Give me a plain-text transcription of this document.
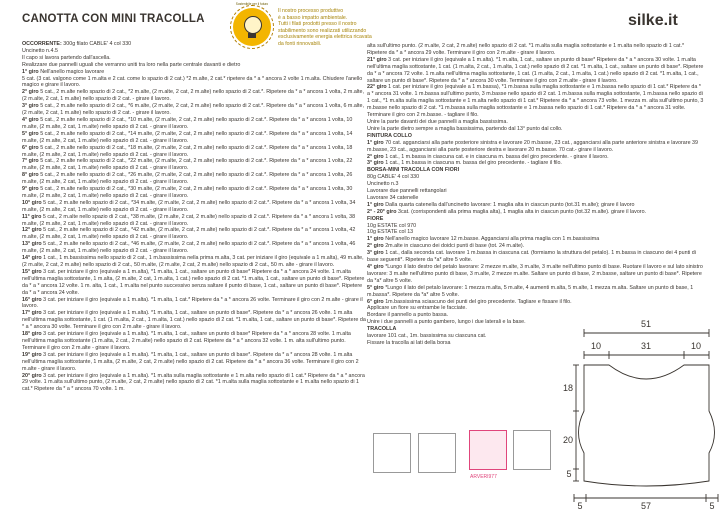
CANOTTA CON MINI TRACOLLA
Sostenibile per il futuro
Il nostro processo produttivo
è a basso impatto ambientale.
Tutti i filati prodotti presso il nostro
stabilimento sono realizzati utilizzando
esclusivamente energia elettrica ricavata
da fonti rinnovabili.
silke.it

OCCORRENTE: 300g filato CABLE' 4 col 330

Uncinetto n.4.5

Il capo si lavora partendo dall'ascella.

Realizzare due pannelli uguali che verranno uniti tra loro nella parte centrale davanti e dietro

1° giro Nell'anello magico lavorare

5 cat. (3 cat. valgono come 1 m.alta e 2 cat. come lo spazio di 2 cat.) *2 m.alte, 2 cat.* ripetere da * a * ancora 2 volte 1 m.alta. Chiudere l'anello magico e girare il lavoro.

2° giro 5 cat., 2 m.alte nello spazio di 2 cat., *2 m.alte, (2 m.alte, 2 cat, 2 m.alte) nello spazio di 2 cat.*. Ripetere da * a * ancora 1 volta, 2 m.alte, (2 m.alte, 2 cat, 1 m.alte) nello spazio di 2 cat. - girare il lavoro.

3° giro 5 cat., 2 m.alte nello spazio di 2 cat., *6 m.alte, (2 m.alte, 2 cat, 2 m.alte) nello spazio di 2 cat.*. Ripetere da * a * ancora 1 volta, 6 m.alte, (2 m.alte, 2 cat, 1 m.alte) nello spazio di 2 cat. - girare il lavoro.

4° giro 5 cat., 2 m.alte nello spazio di 2 cat., *10 m.alte, (2 m.alte, 2 cat, 2 m.alte) nello spazio di 2 cat.*. Ripetere da * a * ancora 1 volta, 10 m.alte, (2 m.alte, 2 cat, 1 m.alte) nello spazio di 2 cat. - girare il lavoro.

5° giro 5 cat., 2 m.alte nello spazio di 2 cat., *14 m.alte, (2 m.alte, 2 cat, 2 m.alte) nello spazio di 2 cat.*. Ripetere da * a * ancora 1 volta, 14 m.alte, (2 m.alte, 2 cat, 1 m.alte) nello spazio di 2 cat. - girare il lavoro.

6° giro 5 cat., 2 m.alte nello spazio di 2 cat., *18 m.alte, (2 m.alte, 2 cat, 2 m.alte) nello spazio di 2 cat.*. Ripetere da * a * ancora 1 volta, 18 m.alte, (2 m.alte, 2 cat, 1 m.alte) nello spazio di 2 cat. - girare il lavoro.

7° giro 5 cat., 2 m.alte nello spazio di 2 cat., *22 m.alte, (2 m.alte, 2 cat, 2 m.alte) nello spazio di 2 cat.*. Ripetere da * a * ancora 1 volta, 22 m.alte, (2 m.alte, 2 cat, 1 m.alte) nello spazio di 2 cat. - girare il lavoro.

8° giro 5 cat., 2 m.alte nello spazio di 2 cat., *26 m.alte, (2 m.alte, 2 cat, 2 m.alte) nello spazio di 2 cat.*. Ripetere da * a * ancora 1 volta, 26 m.alte, (2 m.alte, 2 cat, 1 m.alte) nello spazio di 2 cat. - girare il lavoro.

9° giro 5 cat., 2 m.alte nello spazio di 2 cat., *30 m.alte, (2 m.alte, 2 cat, 2 m.alte) nello spazio di 2 cat.*. Ripetere da * a * ancora 1 volta, 30 m.alte, (2 m.alte, 2 cat, 1 m.alte) nello spazio di 2 cat. - girare il lavoro.

10° giro 5 cat., 2 m.alte nello spazio di 2 cat., *34 m.alte, (2 m.alte, 2 cat, 2 m.alte) nello spazio di 2 cat.*. Ripetere da * a * ancora 1 volta, 34 m.alte, (2 m.alte, 2 cat, 1 m.alte) nello spazio di 2 cat. - girare il lavoro.

11° giro 5 cat., 2 m.alte nello spazio di 2 cat., *38 m.alte, (2 m.alte, 2 cat, 2 m.alte) nello spazio di 2 cat.*. Ripetere da * a * ancora 1 volta, 38 m.alte, (2 m.alte, 2 cat, 1 m.alte) nello spazio di 2 cat. - girare il lavoro.

12° giro 5 cat., 2 m.alte nello spazio di 2 cat., *42 m.alte, (2 m.alte, 2 cat, 2 m.alte) nello spazio di 2 cat.*. Ripetere da * a * ancora 1 volta, 42 m.alte, (2 m.alte, 2 cat, 1 m.alte) nello spazio di 2 cat. - girare il lavoro.

13° giro 5 cat., 2 m.alte nello spazio di 2 cat., *46 m.alte, (2 m.alte, 2 cat, 2 m.alte) nello spazio di 2 cat.*. Ripetere da * a * ancora 1 volta, 46 m.alte, (2 m.alte, 2 cat, 1 m.alte) nello spazio di 2 cat. - girare il lavoro.

14° giro 1 cat., 1 m.bassissima nello spazio di 2 cat., 1 m.bassissima nella prima m.alta, 3 cat. per iniziare il giro (equivale a 1 m.alta), 49 m.alte, (2 m.alte, 2 cat, 2 m.alte) nello spazio di 2 cat., 50 m.alte, (2 m.alte, 2 cat, 2 m.alte) nello spazio di 2 cat., 50 m. alte - girare il lavoro.

15° giro 3 cat. per iniziare il giro (equivale a 1 m.alta), *1 m.alta, 1 cat., saltare un punto di base* Ripetere da * a * ancora 24 volte. 1 m.alta nell'ultima maglia sottostante, 1 m.alta, (2 m.alte, 2 cat, 1 m.alta, 1 cat.) nello spazio di 2 cat. *1 m.alta, 1 cat., saltare un punto di base*. Ripetere da * a * ancora 12 volte. 1 m. alta, 1 cat., 1 m.alta nel punto successivo senza saltare il punto di base, 1 cat., saltare un punto di base*. Ripetere da * a * ancora 24 volte.

16° giro 3 cat. per iniziare il giro (equivale a 1 m.alta). *1 m.alta, 1 cat.* Ripetere da * a * ancora 26 volte. Terminare il giro con 2 m.alte - girare il lavoro.

17° giro 3 cat. per iniziare il giro (equivale a 1 m.alta). *1 m.alta, 1 cat., saltare un punto di base*. Ripetere da * a * ancora 26 volte. 1 m.alta nell'ultima maglia sottostante, 1 cat. (1 m.alta, 2 cat., 1 m.alta, 1 cat.) nello spazio di 2 cat. *1 m.alta, 1 cat., saltare un punto di base*. Ripetere da * a * ancora 30 volte. Terminare il giro con 2 m.alte - girare il lavoro.

18° giro 3 cat. per iniziare il giro (equivale a 1 m.alta). *1 m.alta, 1 cat., saltare un punto di base* Ripetere da * a * ancora 28 volte. 1 m.alta nell'ultima maglia sottostante (1 m.alta, 2 cat., 2 m.alte) nello spazio di 2 cat. Ripetere da * a * ancora 32 volte. 1 m. alta sull'ultimo punto. Terminare il giro con 2 m.alte - girare il lavoro.

19° giro 3 cat. per iniziare il giro (equivale a 1 m.alta). *1 m.alta, 1 cat., saltare un punto di base*. Ripetere da * a * ancora 28 volte. 1 m.alta nell'ultima maglia sottostante, 1 m.alta, (2 m.alte, 2 cat, 2 m.alte) nello spazio di 2 cat. Ripetere da * a * ancora 36 volte. Terminare il giro con 2 m.alte - girare il lavoro.

20° giro 3 cat. per iniziare il giro (equivale a 1 m.alta). *1 m.alta sulla maglia sottostante e 1 m.alta nello spazio di 1 cat.* Ripetere da * a * ancora 29 volte. 1 m.alta sull'ultimo punto, (2 m.alte, 2 cat, 2 m.alte) nello spazio di 2 cat. *1 m.alta sulla maglia sottostante e 1 m.alta nello spazio di 1 cat.* Ripetere da * a * ancora 70 volte. 1 m.

alta sull'ultimo punto. (2 m.alte, 2 cat, 2 m.alte) nello spazio di 2 cat. *1 m.alta sulla maglia sottostante e 1 m.alta nello spazio di 1 cat.* Ripetere da * a * ancora 29 volte. Terminare il giro con 2 m.alte - girare il lavoro.

21° giro 3 cat. per iniziare il giro (equivale a 1 m.alta). *1 m.alta, 1 cat., saltare un punto di base* Ripetere da * a * ancora 30 volte. 1 m.alta nell'ultima maglia sottostante, 1 cat. (1 m.alta, 2 cat., 1 m.alta, 1 cat.) nello spazio di 2 cat. *1 m.alta, 1 cat., saltare un punto di base*. Ripetere da * a * ancora 72 volte. 1 m.alta nell'ultima maglia sottostante, 1 cat. (1 m.alta, 2 cat., 1 m.alta, 1 cat.) nello spazio di 2 cat. *1 m.alta, 1 cat., saltare un punto di base*. Ripetere da * a * ancora 30 volte. Terminare il giro con 2 m.alte - girare il lavoro.

22° giro 1 cat. per iniziare il giro (equivale a 1 m.bassa), *1 m.bassa sulla maglia sottostante e 1 m.bassa nello spazio di 1 cat.* Ripetere da * a * ancora 31 volte. 1 m.bassa sull'ultimo punto, 3 m.basse nello spazio di 2 cat. 1 m.bassa sulla maglia sottostante, 1 m.bassa nello spazio di 1 cat., *1 m.alta sulla maglia sottostante e 1 m.alta nello spazio di 1 cat.* Ripetere da * a * ancora 73 volte. 1 mezza m. alta sull'ultimo punto, 3 m.basse nello spazio di 2 cat. *1 m.bassa sulla maglia sottostante e 1 m.bassa nello spazio di 1 cat.* Ripetere da * a * ancora 31 volte. Terminare il giro con 2 m.basse. - tagliare il filo.

Unire la parte davanti dei due pannelli a maglia bassissima.

Unire la parte dietro sempre a maglia bassissima, partendo dal 13° punto dal collo.

FINITURA COLLO

1° giro 70 cat. agganciarsi alla parte posteriore sinistra e lavorare 20 m.basse, 23 cat., agganciarsi alla parte anteriore sinistra e lavorare 39 m.basse, 23 cat., agganciarsi alla parte posteriore destra e lavorare 20 m.basse. 70 cat.- girare il lavoro.

2° giro 1 cat., 1 m.bassa in ciascuna cat. e in ciascuna m. bassa del giro precedente. - girare il lavoro.

3° giro 1 cat., 1 m.bassa in ciascuna m. bassa del giro precedente. - tagliare il filo.

BORSA-MINI TRACOLLA CON FIORI

80g CABLE' 4 col 330

Uncinetto n.3

Lavorare due pannelli rettangolari

Lavorare 34 catenelle

1° giro Dalla quarta catenella dall'uncinetto lavorare: 1 maglia alta in ciascun punto (tot.31 m.alte); girare il lavoro

2° - 20° giro 3cat. (corrispondenti alla prima maglia alta), 1 maglia alta in ciascun punto (tot.32 m.alte). girare il lavoro.

FIORE

10g ESTATE col 970

10g ESTATE col 13

1° giro Nell'anello magico lavorare 12 m.basse. Agganciarsi alla prima maglia con 1 m.bassissima

2° giro 2m.alte in ciascuno dei doidci punti di base (tot. 24 m.alte).

3° giro 1 cat., dalla seconda cat. lavorare 1 m.bassa in ciascuna cat. (formiamo la struttura del petalo). 1 m.bassa in ciascuno dei 4 punti di base seguenti*. Ripetere da *a* altre 5 volte.

4° giro *Lungo il lato destro del petalo lavorare: 2 mezze m.alte, 3 m.alte, 3 m.alte nell'ultimo punto di base. Ruotare il lavoro e sul lato sinistro lavorare: 3 m.alte nell'ultimo punto di base, 3 m.alte, 2 mezze m.alte. Saltare un punto di base, 2 m.basse, saltare un punto di base*. Ripetere da *a* altre 5 volte.

5° giro *Lungo il lato del petalo lavorare: 1 mezza m.alta, 5 m.alte, 4 aumenti m.alta, 5 m.alte, 1 mezza m.alta. Saltare un punto di base, 1 m.bassa*. Ripetere da *a* altre 5 volte.

6° giro 1m.bassissima sciascuno dei punti del giro precedente. Tagliare e fissare il filo.

Applicare un fiore su entrambe le facciate.

Bordare il pannello a punto bassa.

Unire i due pannelli a punto gambero, lungo i due laterali e la base.

TRACOLLA

lavorare 101 cat., 1m. bassissima su ciascuna cat.

Fissare la tracolla ai lati della borsa

ARVERI977
51
10	31	10
18
20
5
5	57	5
